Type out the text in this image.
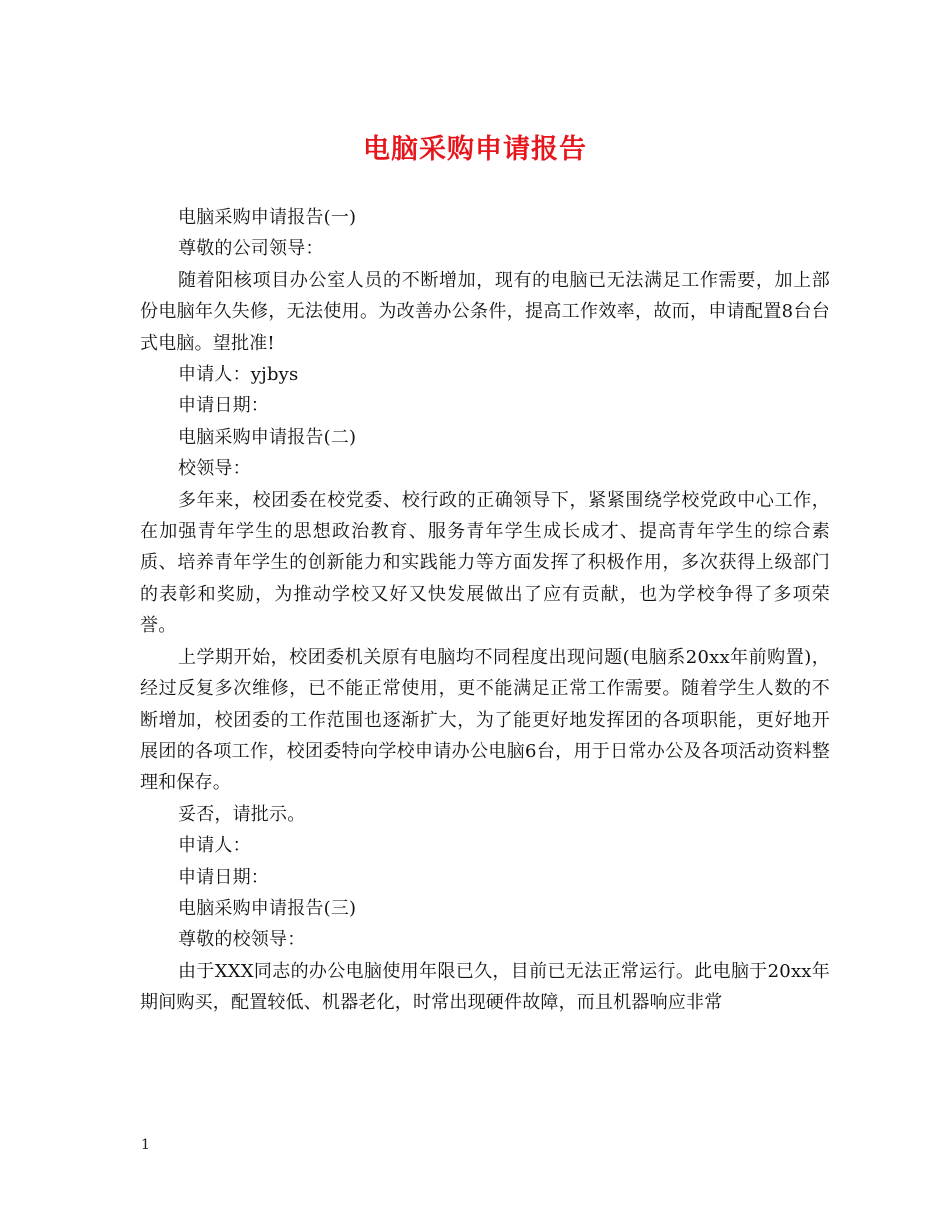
电脑采购申请报告

电脑采购申请报告(一)

尊敬的公司领导：

随着阳核项目办公室人员的不断增加，现有的电脑已无法满足工作需要，加上部份电脑年久失修，无法使用。为改善办公条件，提高工作效率，故而，申请配置8台台式电脑。望批准!

申请人：yjbys

申请日期：

电脑采购申请报告(二)

校领导：

多年来，校团委在校党委、校行政的正确领导下，紧紧围绕学校党政中心工作，在加强青年学生的思想政治教育、服务青年学生成长成才、提高青年学生的综合素质、培养青年学生的创新能力和实践能力等方面发挥了积极作用，多次获得上级部门的表彰和奖励，为推动学校又好又快发展做出了应有贡献，也为学校争得了多项荣誉。

上学期开始，校团委机关原有电脑均不同程度出现问题(电脑系20xx年前购置)，经过反复多次维修，已不能正常使用，更不能满足正常工作需要。随着学生人数的不断增加，校团委的工作范围也逐渐扩大，为了能更好地发挥团的各项职能，更好地开展团的各项工作，校团委特向学校申请办公电脑6台，用于日常办公及各项活动资料整理和保存。

妥否，请批示。

申请人：

申请日期：

电脑采购申请报告(三)

尊敬的校领导：

由于XXX同志的办公电脑使用年限已久，目前已无法正常运行。此电脑于20xx年期间购买，配置较低、机器老化，时常出现硬件故障，而且机器响应非常

1
